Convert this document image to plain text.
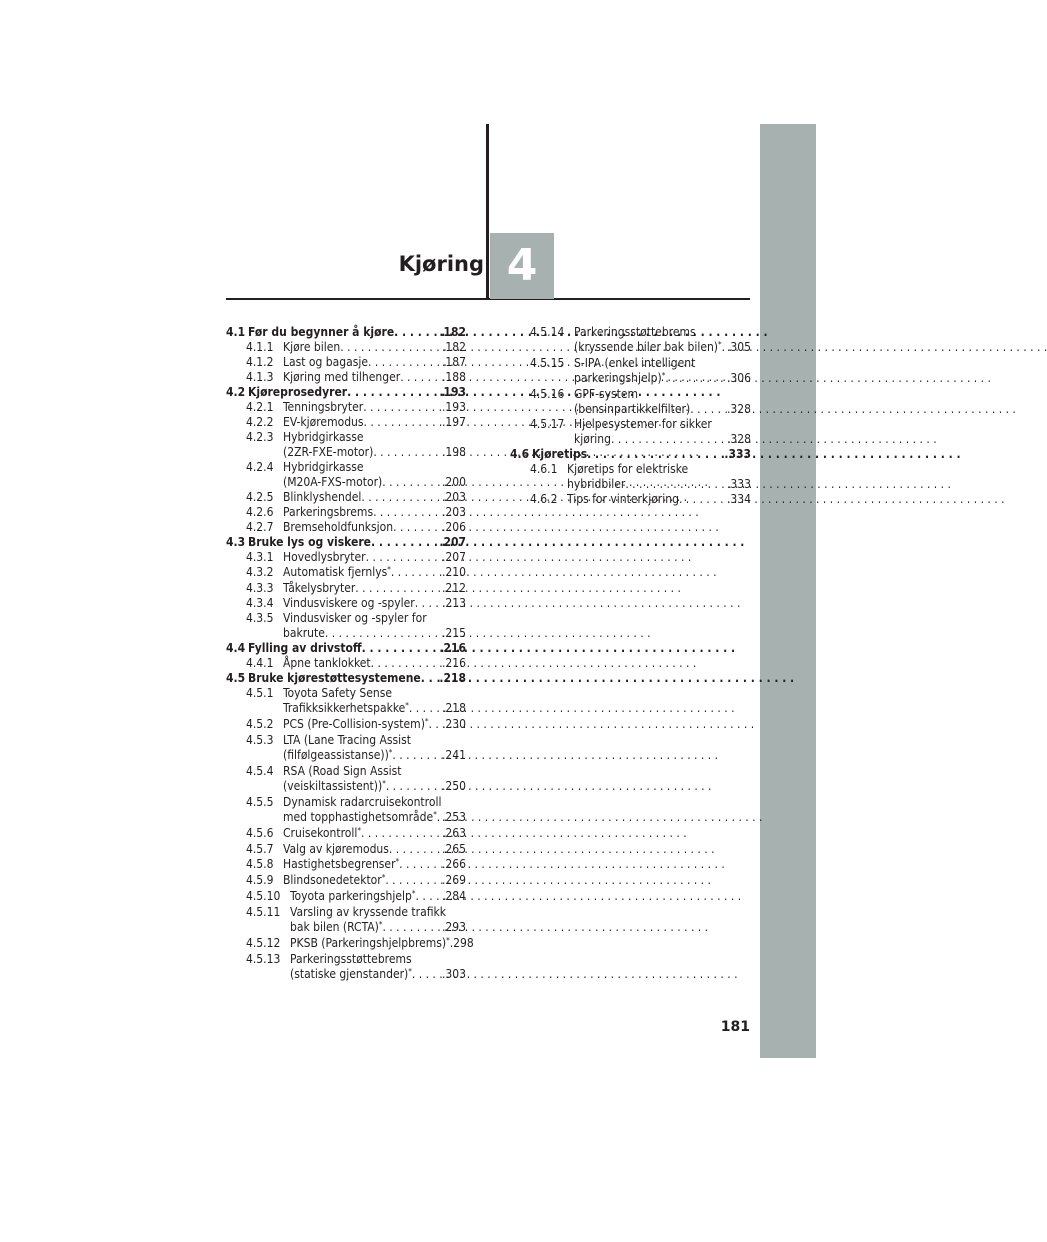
Kjøring 4
4.1 Før du begynner å kjøre . . .	.182
4.1.1 Kjøre bilen . . .	.182
4.1.2 Last og bagasje . . .	.187
4.1.3 Kjøring med tilhenger . . .	.188
4.2 Kjøreprosedyrer . . .	.193
4.2.1 Tenningsbryter . . .	.193
4.2.2 EV-kjøremodus . . .	.197
4.2.3 Hybridgirkasse
(2ZR-FXE-motor) . . .	.198
4.2.4 Hybridgirkasse
(M20A-FXS-motor) . . .	.200
4.2.5 Blinklyshendel . . .	.203
4.2.6 Parkeringsbrems . . .	.203
4.2.7 Bremseholdfunksjon . . .	.206
4.3 Bruke lys og viskere . . .	.207
4.3.1 Hovedlysbryter . . .	.207
4.3.2 Automatisk fjernlys* . . .	.210
4.3.3 Tåkelysbryter . . .	.212
4.3.4 Vindusviskere og -spyler . . . .213
4.3.5 Vindusvisker og -spyler for
bakrute . . .	.215
4.4 Fylling av drivstoff . . .	.216
4.4.1 Åpne tanklokket . . .	.216
4.5 Bruke kjørestøttesystemene . . . .218
4.5.1 Toyota Safety Sense
Trafikksikkerhetspakke* . . .	.218
4.5.2 PCS (Pre-Collision-system)* . . . .230
4.5.3 LTA (Lane Tracing Assist
(filfølgeassistanse))* . . .	.241
4.5.4 RSA (Road Sign Assist
(veiskiltassistent))* . . .	.250
4.5.5 Dynamisk radarcruisekontroll
med topphastighetsområde* . . . .253
4.5.6 Cruisekontroll* . . .	.263
4.5.7 Valg av kjøremodus . . .	.265
4.5.8 Hastighetsbegrenser* . . .	.266
4.5.9 Blindsonedetektor* . . .	.269
4.5.10 Toyota parkeringshjelp* . . . .284
4.5.11 Varsling av kryssende trafikk
bak bilen (RCTA)* . . .	.293
4.5.12 PKSB (Parkeringshjelpbrems)* .298
4.5.13 Parkeringsstøttebrems
(statiske gjenstander)* . . .	.303
4.5.14 Parkeringsstøttebrems
(kryssende biler bak bilen)* . . . .305
4.5.15 S-IPA (enkel intelligent
parkeringshjelp)* . . .	.306
4.5.16 GPF-system
(bensinpartikkelfilter) . . .	.328
4.5.17 Hjelpesystemer for sikker
kjøring . . .	.328
4.6 Kjøretips . . .	.333
4.6.1 Kjøretips for elektriske
hybridbiler . . .	.333
4.6.2 Tips for vinterkjøring . . .	.334
181
